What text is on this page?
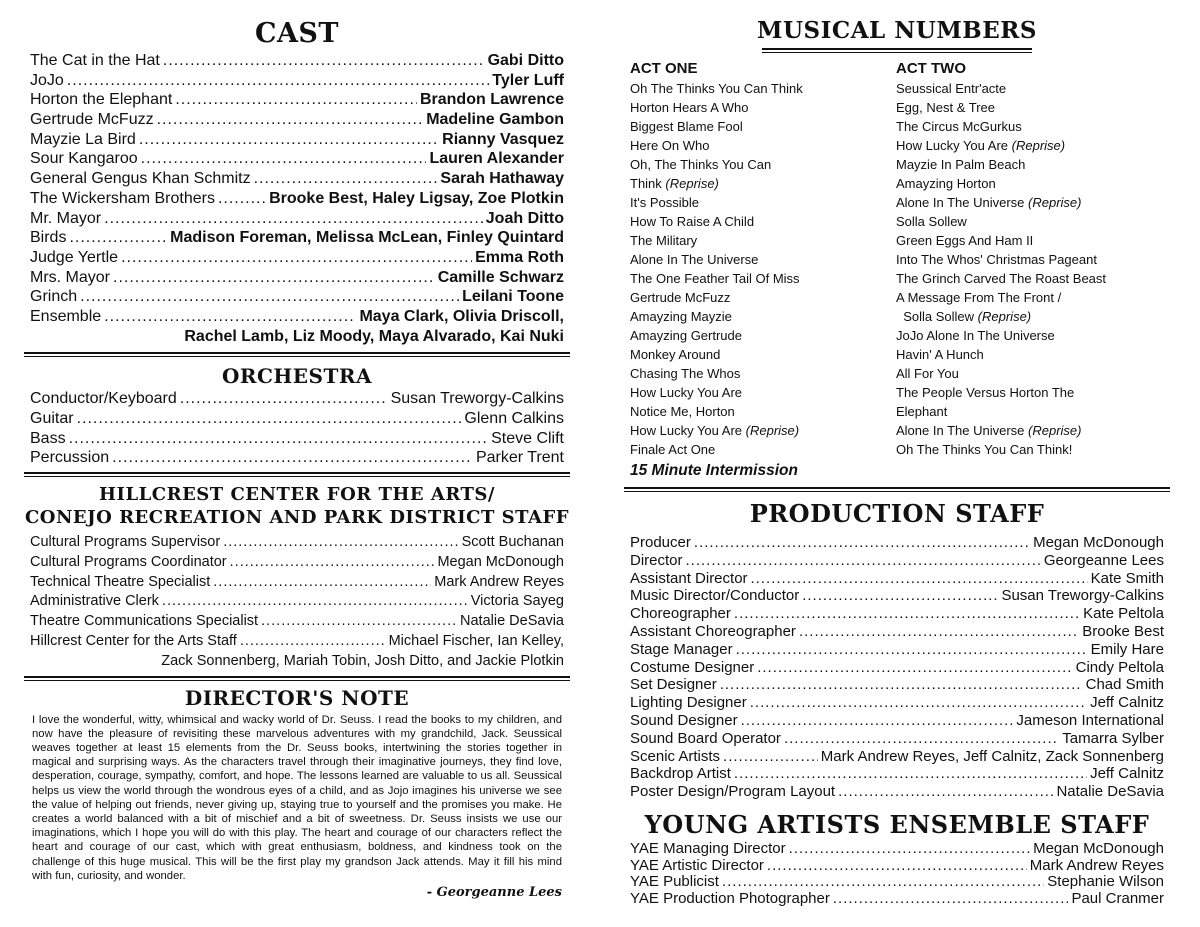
CAST
The Cat in the Hat .....	Gabi Ditto
JoJo .....	Tyler Luff
Horton the Elephant .....	Brandon Lawrence
Gertrude McFuzz .....	Madeline Gambon
Mayzie La Bird .....	Rianny Vasquez
Sour Kangaroo .....	Lauren Alexander
General Gengus Khan Schmitz .....	Sarah Hathaway
The Wickersham Brothers .....	Brooke Best, Haley Ligsay, Zoe Plotkin
Mr. Mayor .....	Joah Ditto
Birds .....	Madison Foreman, Melissa McLean, Finley Quintard
Judge Yertle .....	Emma Roth
Mrs. Mayor .....	Camille Schwarz
Grinch .....	Leilani Toone
Ensemble .....	Maya Clark, Olivia Driscoll,
Rachel Lamb, Liz Moody, Maya Alvarado, Kai Nuki
ORCHESTRA
Conductor/Keyboard .....	Susan Treworgy-Calkins
Guitar .....	Glenn Calkins
Bass .....	Steve Clift
Percussion .....	Parker Trent
HILLCREST CENTER FOR THE ARTS/
CONEJO RECREATION AND PARK DISTRICT STAFF
Cultural Programs Supervisor .....	Scott Buchanan
Cultural Programs Coordinator .....	Megan McDonough
Technical Theatre Specialist .....	Mark Andrew Reyes
Administrative Clerk .....	Victoria Sayeg
Theatre Communications Specialist .....	Natalie DeSavia
Hillcrest Center for the Arts Staff .....	Michael Fischer, Ian Kelley,
Zack Sonnenberg, Mariah Tobin, Josh Ditto, and Jackie Plotkin
DIRECTOR'S NOTE
I love the wonderful, witty, whimsical and wacky world of Dr. Seuss. I read the books to my children, and now have the pleasure of revisiting these marvelous adventures with my grandchild, Jack. Seussical weaves together at least 15 elements from the Dr. Seuss books, intertwining the stories together in magical and surprising ways. As the characters travel through their imaginative journeys, they find love, desperation, courage, sympathy, comfort, and hope. The lessons learned are valuable to us all. Seussical helps us view the world through the wondrous eyes of a child, and as Jojo imagines his universe we see the value of helping out friends, never giving up, staying true to yourself and the promises you make. He creates a world balanced with a bit of mischief and a bit of sweetness. Dr. Seuss insists we use our imaginations, which I hope you will do with this play. The heart and courage of our characters reflect the heart and courage of our cast, which with great enthusiasm, boldness, and kindness took on the challenge of this huge musical. This will be the first play my grandson Jack attends. May it fill his mind with fun, curiosity, and wonder.
- Georgeanne Lees
MUSICAL NUMBERS
ACT ONE
Oh The Thinks You Can Think
Horton Hears A Who
Biggest Blame Fool
Here On Who
Oh, The Thinks You Can
Think (Reprise)
It's Possible
How To Raise A Child
The Military
Alone In The Universe
The One Feather Tail Of Miss
Gertrude McFuzz
Amayzing Mayzie
Amayzing Gertrude
Monkey Around
Chasing The Whos
How Lucky You Are
Notice Me, Horton
How Lucky You Are (Reprise)
Finale Act One
ACT TWO
Seussical Entr'acte
Egg, Nest & Tree
The Circus McGurkus
How Lucky You Are (Reprise)
Mayzie In Palm Beach
Amayzing Horton
Alone In The Universe (Reprise)
Solla Sollew
Green Eggs And Ham II
Into The Whos' Christmas Pageant
The Grinch Carved The Roast Beast
A Message From The Front /
Solla Sollew (Reprise)
JoJo Alone In The Universe
Havin' A Hunch
All For You
The People Versus Horton The
Elephant
Alone In The Universe (Reprise)
Oh The Thinks You Can Think!
15 Minute Intermission
PRODUCTION STAFF
Producer .....	Megan McDonough
Director .....	Georgeanne Lees
Assistant Director .....	Kate Smith
Music Director/Conductor .....	Susan Treworgy-Calkins
Choreographer .....	Kate Peltola
Assistant Choreographer .....	Brooke Best
Stage Manager .....	Emily Hare
Costume Designer .....	Cindy Peltola
Set Designer .....	Chad Smith
Lighting Designer .....	Jeff Calnitz
Sound Designer .....	Jameson International
Sound Board Operator .....	Tamarra Sylber
Scenic Artists .....	Mark Andrew Reyes, Jeff Calnitz, Zack Sonnenberg
Backdrop Artist .....	Jeff Calnitz
Poster Design/Program Layout .....	Natalie DeSavia
YOUNG ARTISTS ENSEMBLE STAFF
YAE Managing Director .....	Megan McDonough
YAE Artistic Director .....	Mark Andrew Reyes
YAE Publicist .....	Stephanie Wilson
YAE Production Photographer .....	Paul Cranmer
